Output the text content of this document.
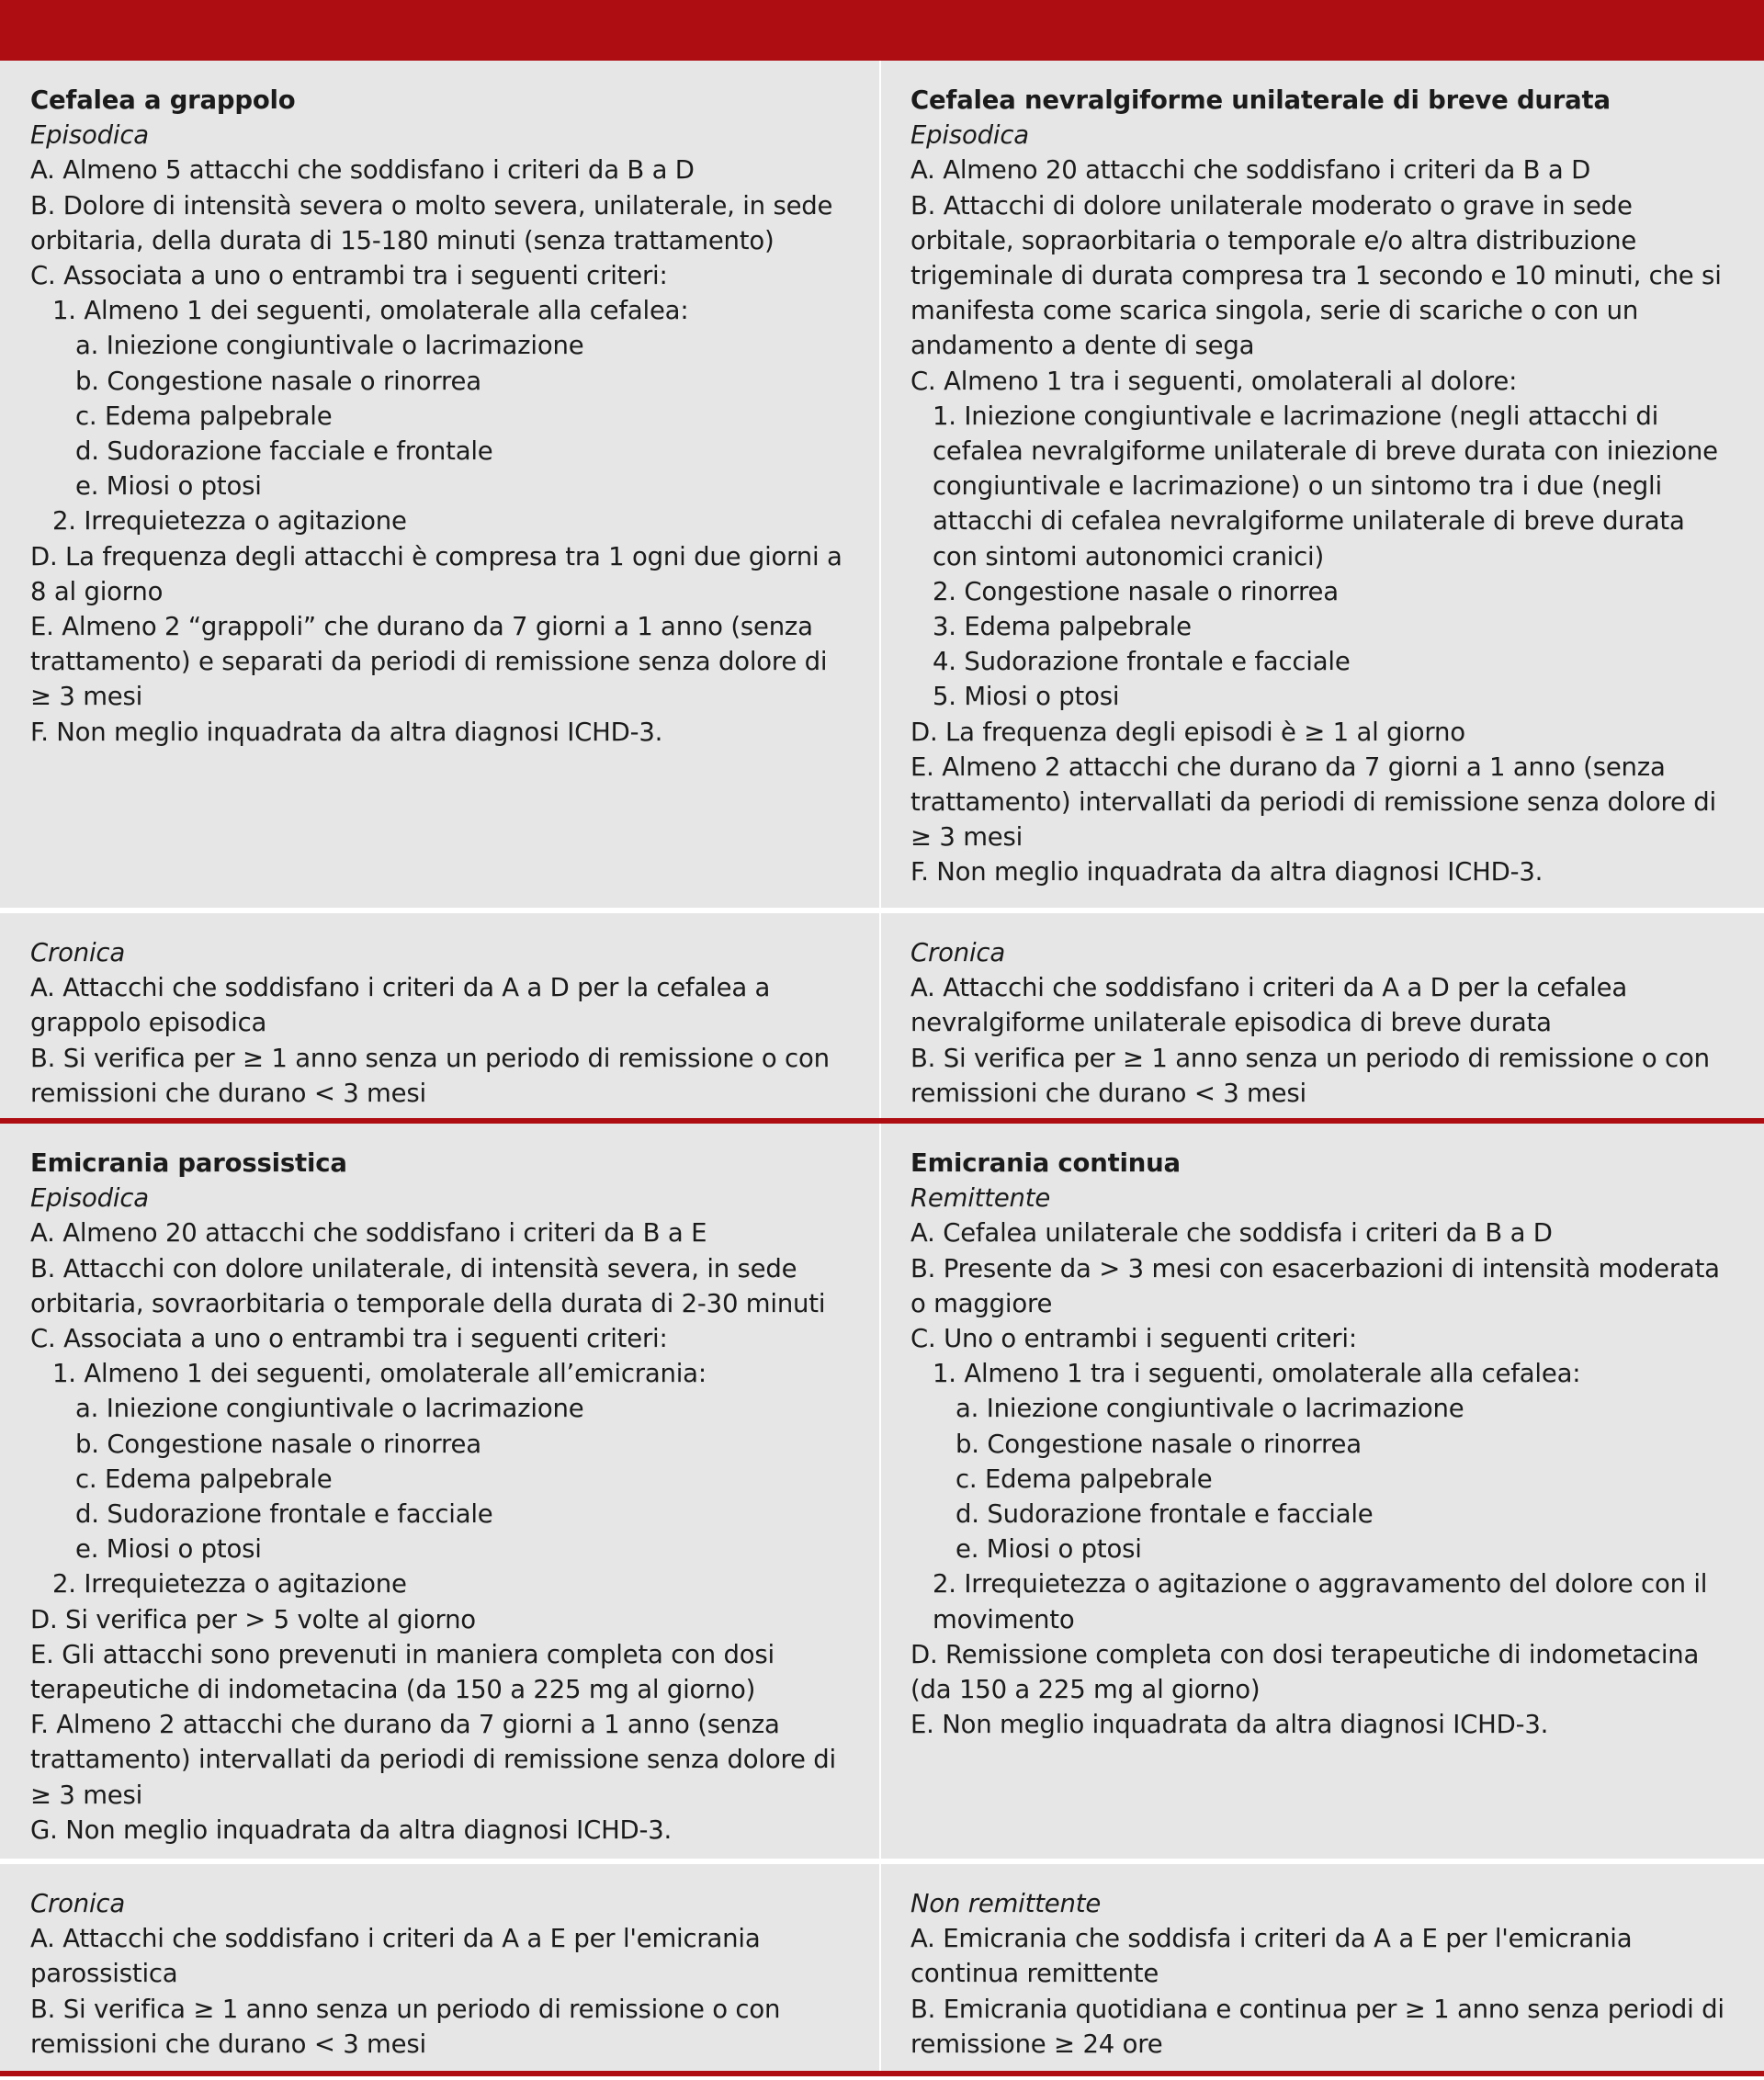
Cefalea a grappolo
Episodica
A. Almeno 5 attacchi che soddisfano i criteri da B a D
B. Dolore di intensità severa o molto severa, unilaterale, in sede orbitaria, della durata di 15-180 minuti (senza trattamento)
C. Associata a uno o entrambi tra i seguenti criteri:
1. Almeno 1 dei seguenti, omolaterale alla cefalea:
a. Iniezione congiuntivale o lacrimazione
b. Congestione nasale o rinorrea
c. Edema palpebrale
d. Sudorazione facciale e frontale
e. Miosi o ptosi
2. Irrequietezza o agitazione
D. La frequenza degli attacchi è compresa tra 1 ogni due giorni a 8 al giorno
E. Almeno 2 “grappoli” che durano da 7 giorni a 1 anno (senza trattamento) e separati da periodi di remissione senza dolore di ≥ 3 mesi
F. Non meglio inquadrata da altra diagnosi ICHD-3.
Cefalea nevralgiforme unilaterale di breve durata
Episodica
A. Almeno 20 attacchi che soddisfano i criteri da B a D
B. Attacchi di dolore unilaterale moderato o grave in sede orbitale, sopraorbitaria o temporale e/o altra distribuzione trigeminale di durata compresa tra 1 secondo e 10 minuti, che si manifesta come scarica singola, serie di scariche o con un andamento a dente di sega
C. Almeno 1 tra i seguenti, omolaterali al dolore:
1. Iniezione congiuntivale e lacrimazione (negli attacchi di cefalea nevralgiforme unilaterale di breve durata con iniezione congiuntivale e lacrimazione) o un sintomo tra i due (negli attacchi di cefalea nevralgiforme unilaterale di breve durata con sintomi autonomici cranici)
2. Congestione nasale o rinorrea
3. Edema palpebrale
4. Sudorazione frontale e facciale
5. Miosi o ptosi
D. La frequenza degli episodi è ≥ 1 al giorno
E. Almeno 2 attacchi che durano da 7 giorni a 1 anno (senza trattamento) intervallati da periodi di remissione senza dolore di ≥ 3 mesi
F. Non meglio inquadrata da altra diagnosi ICHD-3.
Cronica
A. Attacchi che soddisfano i criteri da A a D per la cefalea a grappolo episodica
B. Si verifica per ≥ 1 anno senza un periodo di remissione o con remissioni che durano < 3 mesi
Cronica
A. Attacchi che soddisfano i criteri da A a D per la cefalea nevralgiforme unilaterale episodica di breve durata
B. Si verifica per ≥ 1 anno senza un periodo di remissione o con remissioni che durano < 3 mesi
Emicrania parossistica
Episodica
A. Almeno 20 attacchi che soddisfano i criteri da B a E
B. Attacchi con dolore unilaterale, di intensità severa, in sede orbitaria, sovraorbitaria o temporale della durata di 2-30 minuti
C. Associata a uno o entrambi tra i seguenti criteri:
1. Almeno 1 dei seguenti, omolaterale all’emicrania:
a. Iniezione congiuntivale o lacrimazione
b. Congestione nasale o rinorrea
c. Edema palpebrale
d. Sudorazione frontale e facciale
e. Miosi o ptosi
2. Irrequietezza o agitazione
D. Si verifica per > 5 volte al giorno
E. Gli attacchi sono prevenuti in maniera completa con dosi terapeutiche di indometacina (da 150 a 225 mg al giorno)
F. Almeno 2 attacchi che durano da 7 giorni a 1 anno (senza trattamento) intervallati da periodi di remissione senza dolore di ≥ 3 mesi
G. Non meglio inquadrata da altra diagnosi ICHD-3.
Emicrania continua
Remittente
A. Cefalea unilaterale che soddisfa i criteri da B a D
B. Presente da > 3 mesi con esacerbazioni di intensità moderata o maggiore
C. Uno o entrambi i seguenti criteri:
1. Almeno 1 tra i seguenti, omolaterale alla cefalea:
a. Iniezione congiuntivale o lacrimazione
b. Congestione nasale o rinorrea
c. Edema palpebrale
d. Sudorazione frontale e facciale
e. Miosi o ptosi
2. Irrequietezza o agitazione o aggravamento del dolore con il movimento
D. Remissione completa con dosi terapeutiche di indometacina (da 150 a 225 mg al giorno)
E. Non meglio inquadrata da altra diagnosi ICHD-3.
Cronica
A. Attacchi che soddisfano i criteri da A a E per l'emicrania parossistica
B. Si verifica ≥ 1 anno senza un periodo di remissione o con remissioni che durano < 3 mesi
Non remittente
A. Emicrania che soddisfa i criteri da A a E per l'emicrania continua remittente
B. Emicrania quotidiana e continua per ≥ 1 anno senza periodi di remissione ≥ 24 ore
